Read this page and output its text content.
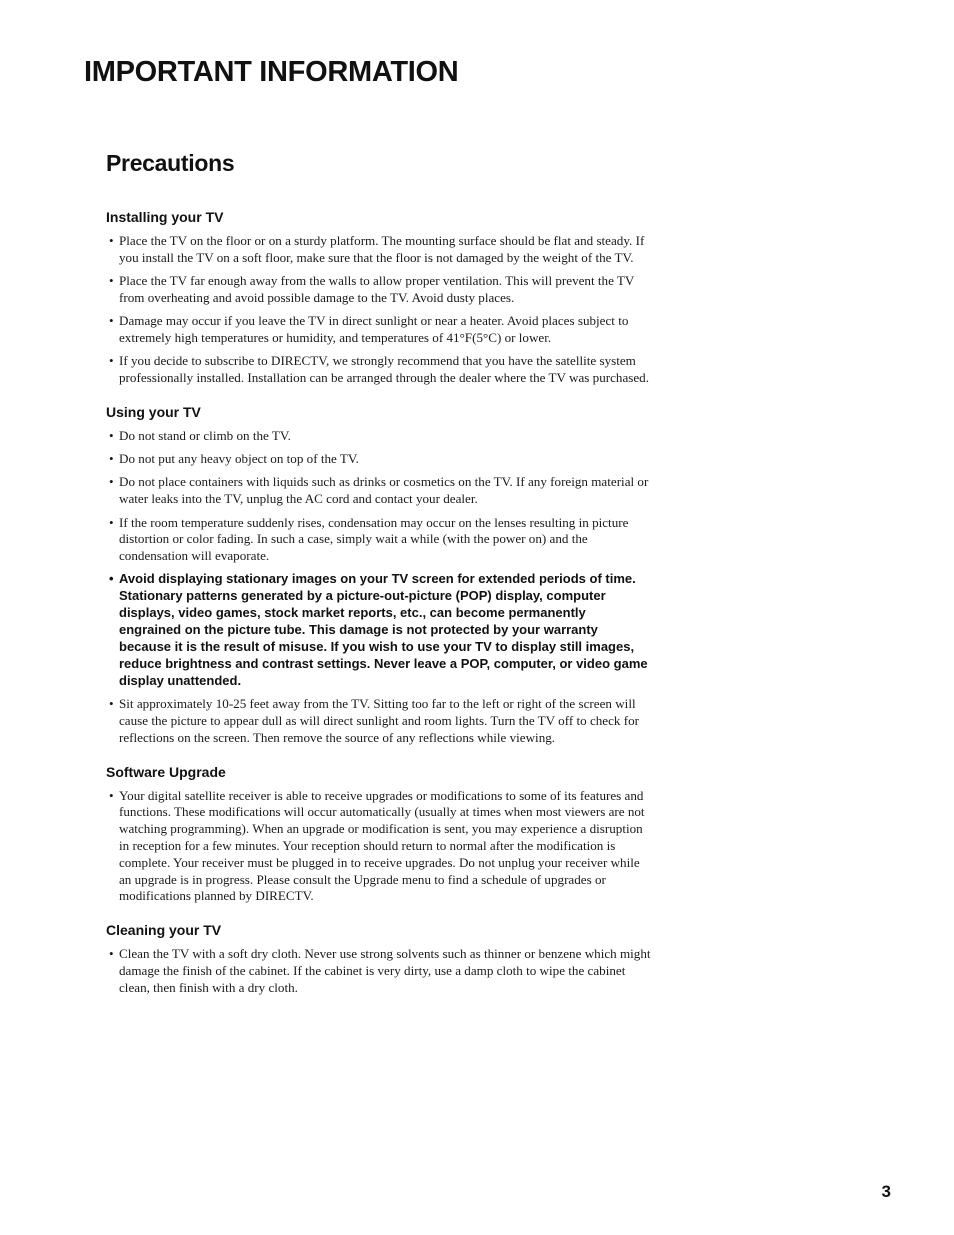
IMPORTANT INFORMATION
Precautions
Installing your TV
• Place the TV on the floor or on a sturdy platform. The mounting surface should be flat and steady. If you install the TV on a soft floor, make sure that the floor is not damaged by the weight of the TV.
• Place the TV far enough away from the walls to allow proper ventilation. This will prevent the TV from overheating and avoid possible damage to the TV. Avoid dusty places.
• Damage may occur if you leave the TV in direct sunlight or near a heater. Avoid places subject to extremely high temperatures or humidity, and temperatures of 41°F(5°C) or lower.
• If you decide to subscribe to DIRECTV, we strongly recommend that you have the satellite system professionally installed. Installation can be arranged through the dealer where the TV was purchased.
Using your TV
• Do not stand or climb on the TV.
• Do not put any heavy object on top of the TV.
• Do not place containers with liquids such as drinks or cosmetics on the TV. If any foreign material or water leaks into the TV, unplug the AC cord and contact your dealer.
• If the room temperature suddenly rises, condensation may occur on the lenses resulting in picture distortion or color fading. In such a case, simply wait a while (with the power on) and the condensation will evaporate.
• Avoid displaying stationary images on your TV screen for extended periods of time. Stationary patterns generated by a picture-out-picture (POP) display, computer displays, video games, stock market reports, etc., can become permanently engrained on the picture tube. This damage is not protected by your warranty because it is the result of misuse. If you wish to use your TV to display still images, reduce brightness and contrast settings. Never leave a POP, computer, or video game display unattended.
• Sit approximately 10-25 feet away from the TV. Sitting too far to the left or right of the screen will cause the picture to appear dull as will direct sunlight and room lights. Turn the TV off to check for reflections on the screen. Then remove the source of any reflections while viewing.
Software Upgrade
• Your digital satellite receiver is able to receive upgrades or modifications to some of its features and functions. These modifications will occur automatically (usually at times when most viewers are not watching programming). When an upgrade or modification is sent, you may experience a disruption in reception for a few minutes. Your reception should return to normal after the modification is complete. Your receiver must be plugged in to receive upgrades. Do not unplug your receiver while an upgrade is in progress. Please consult the Upgrade menu to find a schedule of upgrades or modifications planned by DIRECTV.
Cleaning your TV
• Clean the TV with a soft dry cloth. Never use strong solvents such as thinner or benzene which might damage the finish of the cabinet. If the cabinet is very dirty, use a damp cloth to wipe the cabinet clean, then finish with a dry cloth.
3
